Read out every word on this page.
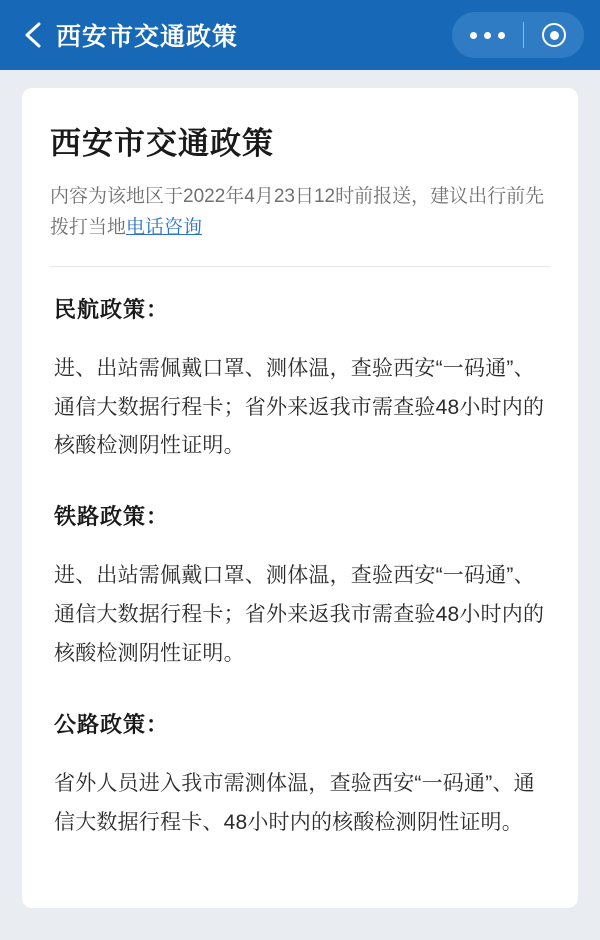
西安市交通政策
西安市交通政策

内容为该地区于2022年4月23日12时前报送，建议出行前先拨打当地电话咨询

民航政策：

进、出站需佩戴口罩、测体温，查验西安“一码通”、通信大数据行程卡；省外来返我市需查验48小时内的核酸检测阴性证明。

铁路政策：

进、出站需佩戴口罩、测体温，查验西安“一码通”、通信大数据行程卡；省外来返我市需查验48小时内的核酸检测阴性证明。

公路政策：

省外人员进入我市需测体温，查验西安“一码通”、通信大数据行程卡、48小时内的核酸检测阴性证明。
